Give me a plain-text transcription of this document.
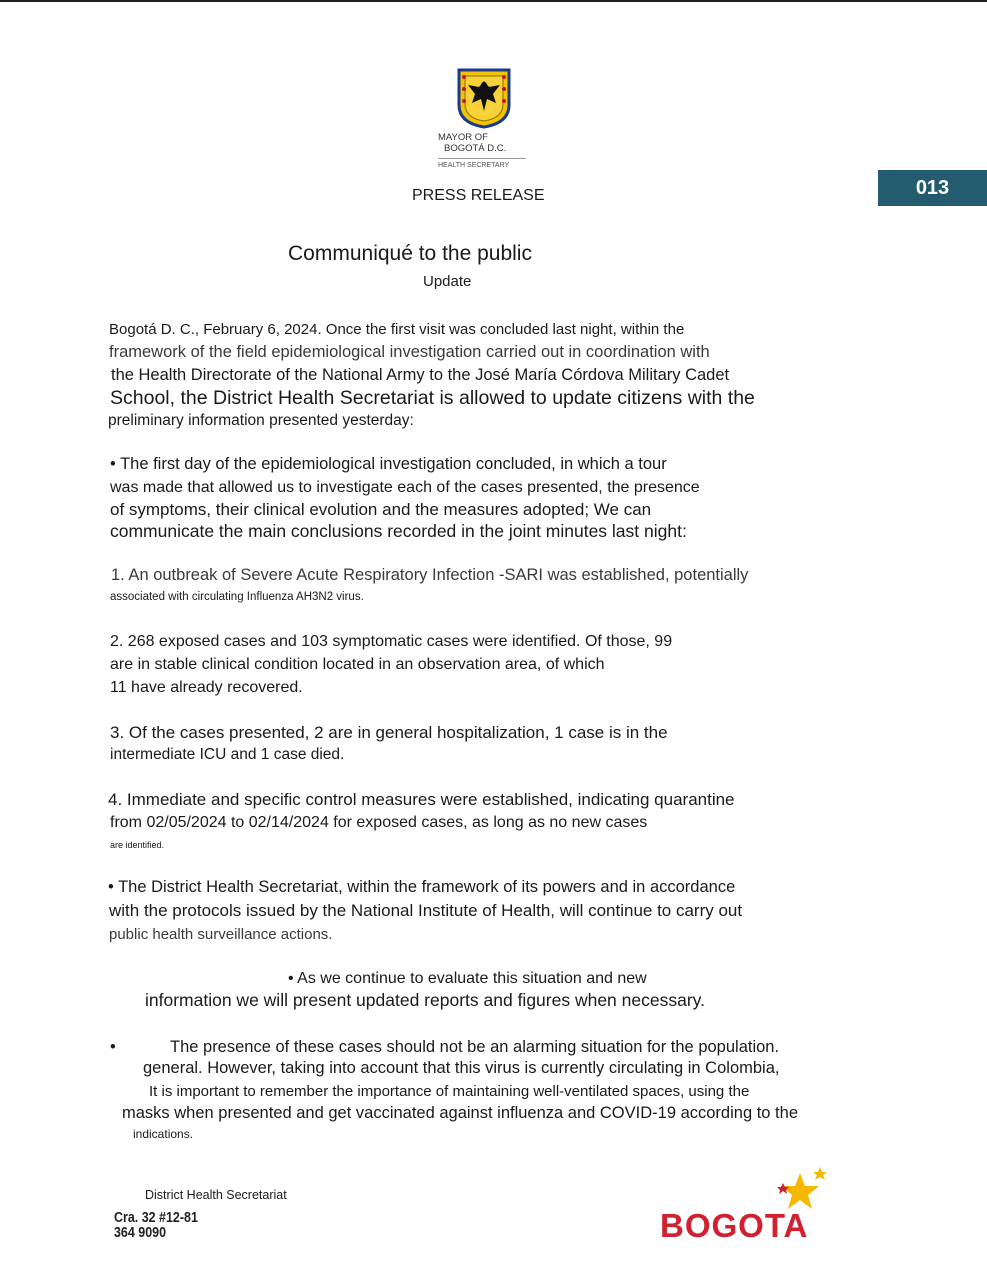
MAYOR OF
BOGOTÁ D.C.
HEALTH SECRETARY
013
PRESS RELEASE
Communiqué to the public
Update
Bogotá D. C., February 6, 2024. Once the first visit was concluded last night, within the
framework of the field epidemiological investigation carried out in coordination with
the Health Directorate of the National Army to the José María Córdova Military Cadet
School, the District Health Secretariat is allowed to update citizens with the
preliminary information presented yesterday:
• The first day of the epidemiological investigation concluded, in which a tour
was made that allowed us to investigate each of the cases presented, the presence
of symptoms, their clinical evolution and the measures adopted; We can
communicate the main conclusions recorded in the joint minutes last night:
1. An outbreak of Severe Acute Respiratory Infection -SARI was established, potentially
associated with circulating Influenza AH3N2 virus.
2. 268 exposed cases and 103 symptomatic cases were identified. Of those, 99
are in stable clinical condition located in an observation area, of which
11 have already recovered.
3. Of the cases presented, 2 are in general hospitalization, 1 case is in the
intermediate ICU and 1 case died.
4. Immediate and specific control measures were established, indicating quarantine
from 02/05/2024 to 02/14/2024 for exposed cases, as long as no new cases
are identified.
• The District Health Secretariat, within the framework of its powers and in accordance
with the protocols issued by the National Institute of Health, will continue to carry out
public health surveillance actions.
• As we continue to evaluate this situation and new
information we will present updated reports and figures when necessary.
•	The presence of these cases should not be an alarming situation for the population.
general. However, taking into account that this virus is currently circulating in Colombia,
It is important to remember the importance of maintaining well-ventilated spaces, using the
masks when presented and get vaccinated against influenza and COVID-19 according to the
indications.
District Health Secretariat
Cra. 32 #12-81
364 9090	BOGOTA
